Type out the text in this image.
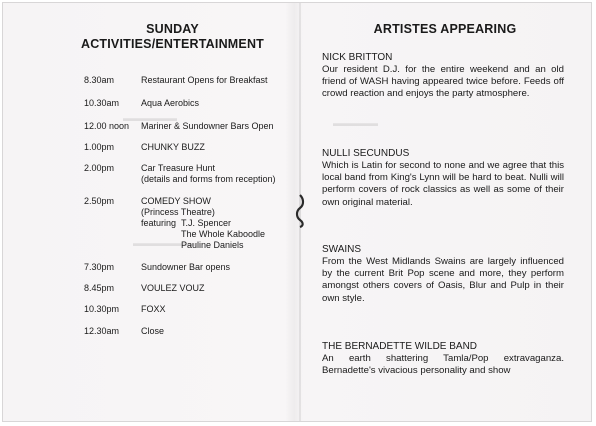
▬▬▬▬▬
▬▬▬▬▬▬
▬▬▬▬▬▬▬
SUNDAY
ACTIVITIES/ENTERTAINMENT
8.30am	Restaurant Opens for Breakfast
10.30am	Aqua Aerobics
12.00 noon	Mariner & Sundowner Bars Open
1.00pm	CHUNKY BUZZ
2.00pm	Car Treasure Hunt
(details and forms from reception)
2.50pm	COMEDY SHOW
(Princess Theatre)
featuring T.J. Spencer
The Whole Kaboodle
Pauline Daniels
7.30pm	Sundowner Bar opens
8.45pm	VOULEZ VOUZ
10.30pm	FOXX
12.30am	Close
ARTISTES APPEARING
NICK BRITTON
Our resident D.J. for the entire weekend and an old friend of WASH having appeared twice before. Feeds off crowd reaction and enjoys the party atmosphere.
NULLI SECUNDUS
Which is Latin for second to none and we agree that this local band from King's Lynn will be hard to beat. Nulli will perform covers of rock classics as well as some of their own original material.
SWAINS
From the West Midlands Swains are largely influenced by the current Brit Pop scene and more, they perform amongst others covers of Oasis, Blur and Pulp in their own style.
THE BERNADETTE WILDE BAND
An earth shattering Tamla/Pop extravaganza. Bernadette's vivacious personality and show
